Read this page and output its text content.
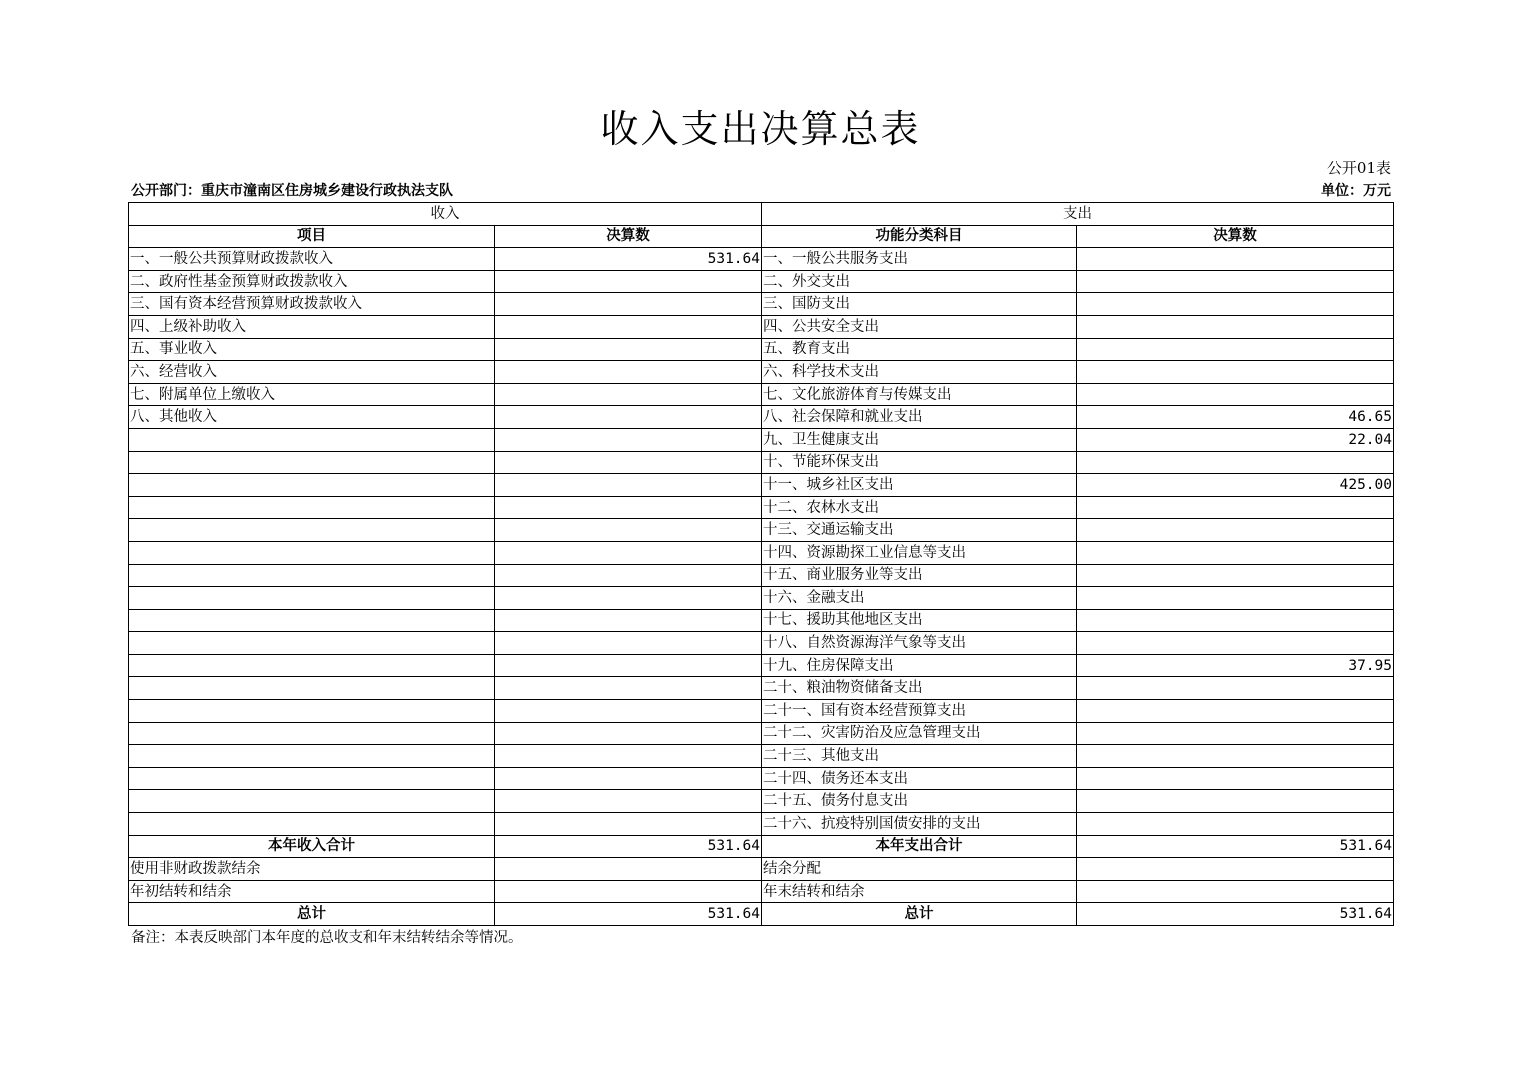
收入支出决算总表
公开01表
公开部门：重庆市潼南区住房城乡建设行政执法支队	单位：万元
收入		支出	
项目	决算数	功能分类科目	决算数
一、一般公共预算财政拨款收入	531.64	一、一般公共服务支出	
二、政府性基金预算财政拨款收入		二、外交支出	
三、国有资本经营预算财政拨款收入		三、国防支出	
四、上级补助收入		四、公共安全支出	
五、事业收入		五、教育支出	
六、经营收入		六、科学技术支出	
七、附属单位上缴收入		七、文化旅游体育与传媒支出	
八、其他收入		八、社会保障和就业支出	46.65
		九、卫生健康支出	22.04
		十、节能环保支出	
		十一、城乡社区支出	425.00
		十二、农林水支出	
		十三、交通运输支出	
		十四、资源勘探工业信息等支出	
		十五、商业服务业等支出	
		十六、金融支出	
		十七、援助其他地区支出	
		十八、自然资源海洋气象等支出	
		十九、住房保障支出	37.95
		二十、粮油物资储备支出	
		二十一、国有资本经营预算支出	
		二十二、灾害防治及应急管理支出	
		二十三、其他支出	
		二十四、债务还本支出	
		二十五、债务付息支出	
		二十六、抗疫特别国债安排的支出	
本年收入合计	531.64	本年支出合计	531.64
使用非财政拨款结余		结余分配	
年初结转和结余		年末结转和结余	
总计	531.64	总计	531.64
备注：本表反映部门本年度的总收支和年末结转结余等情况。
